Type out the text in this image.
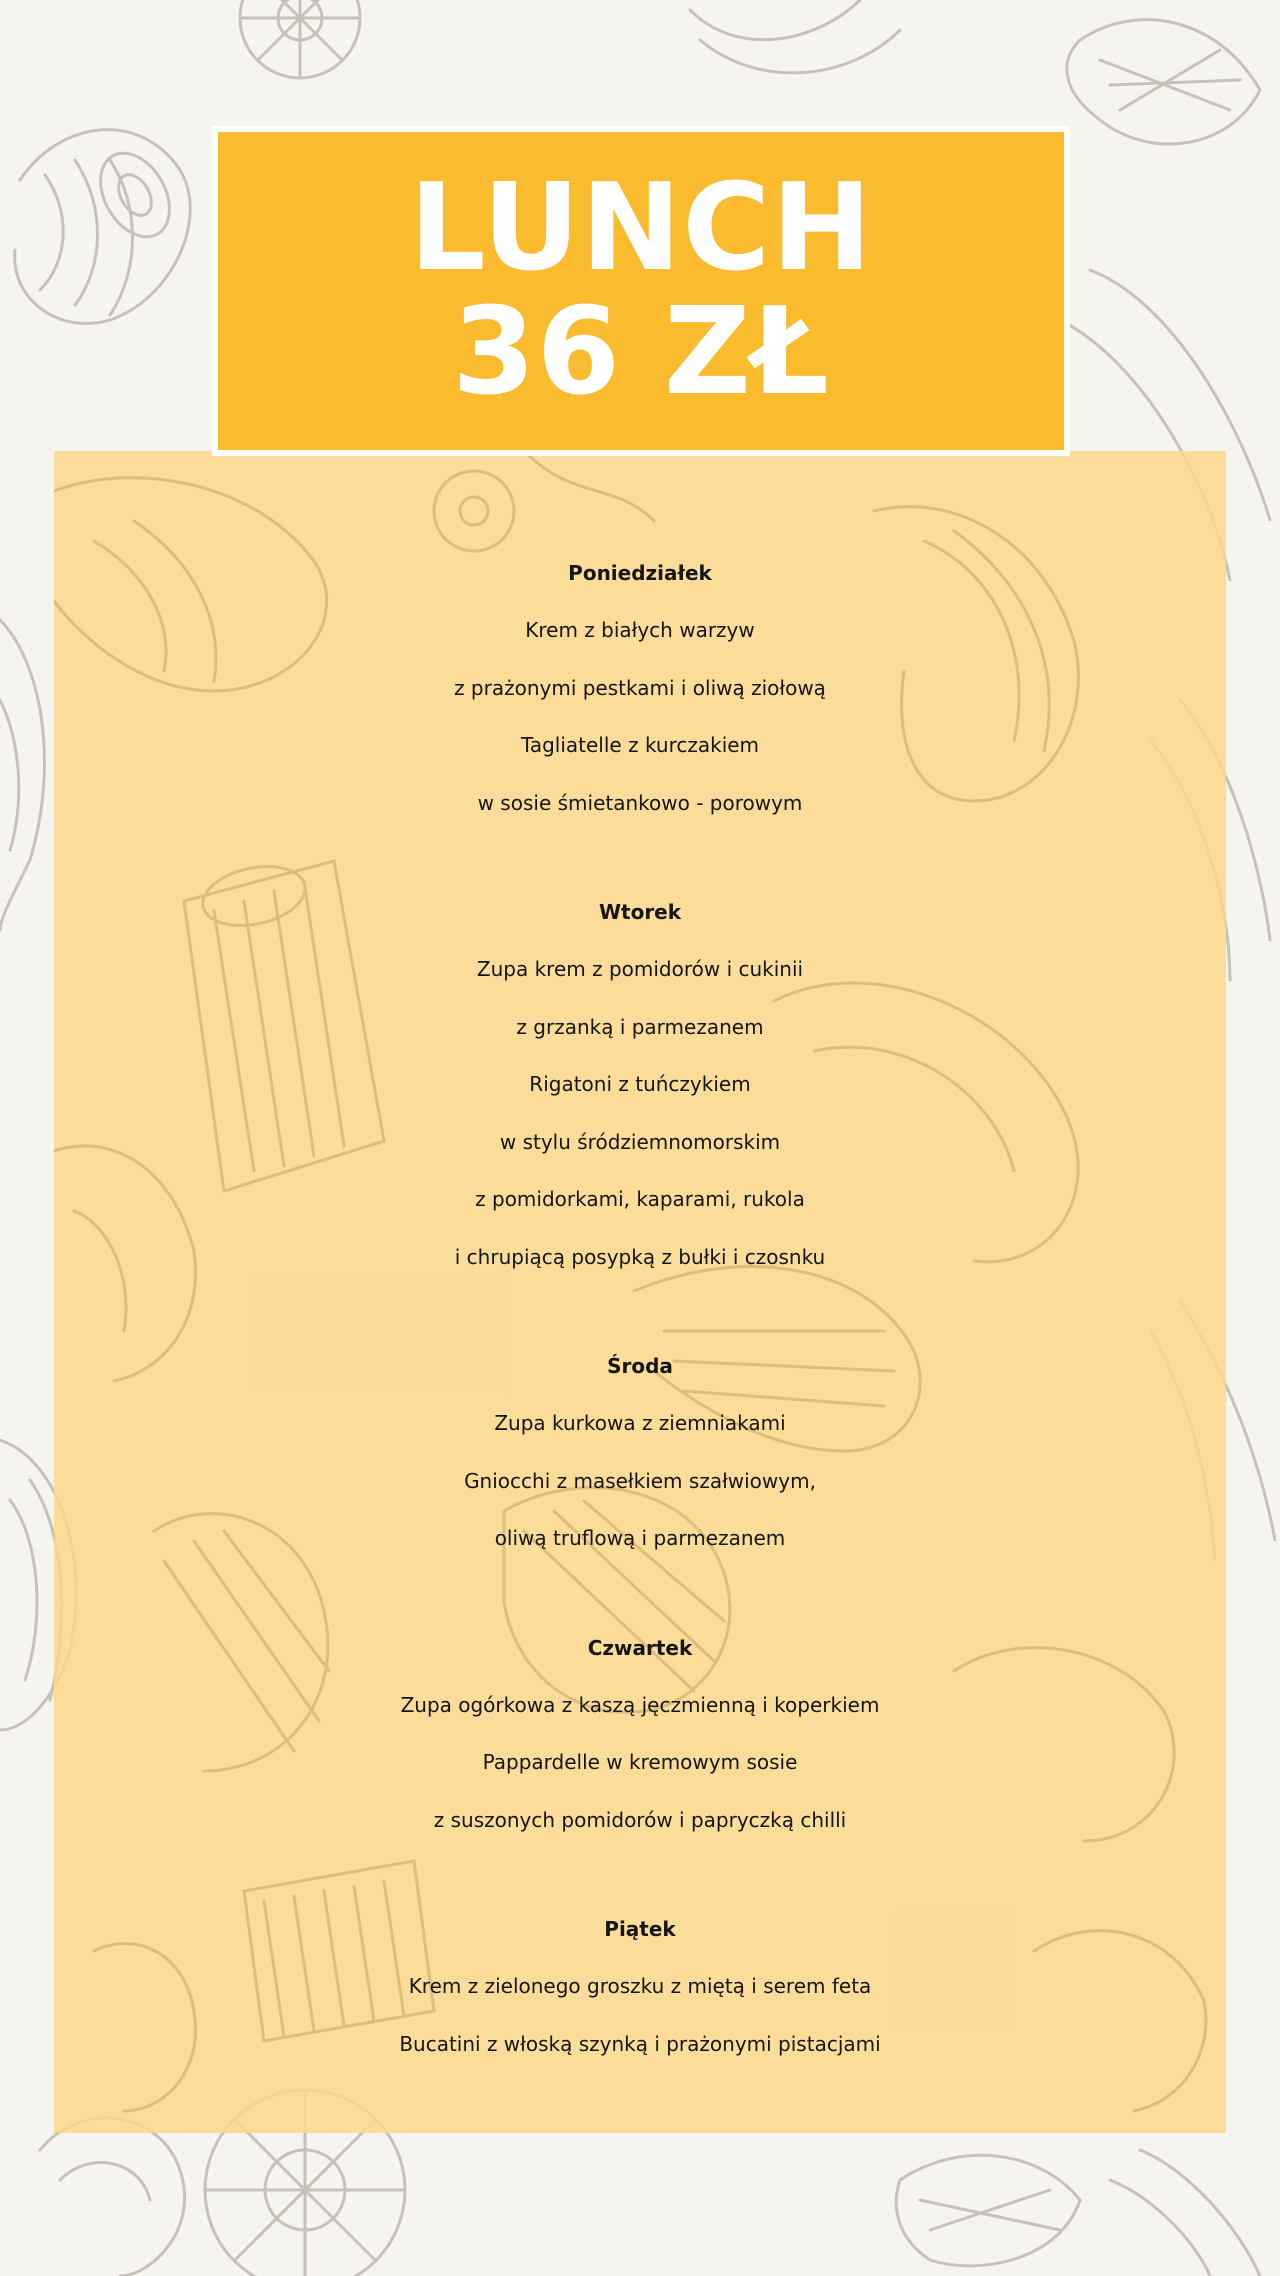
LUNCH
36 ZŁ
Poniedziałek
Krem z białych warzyw
z prażonymi pestkami i oliwą ziołową
Tagliatelle z kurczakiem
w sosie śmietankowo - porowym
Wtorek
Zupa krem z pomidorów i cukinii
z grzanką i parmezanem
Rigatoni z tuńczykiem
w stylu śródziemnomorskim
z pomidorkami, kaparami, rukola
i chrupiącą posypką z bułki i czosnku
Środa
Zupa kurkowa z ziemniakami
Gniocchi z masełkiem szałwiowym,
oliwą truflową i parmezanem
Czwartek
Zupa ogórkowa z kaszą jęczmienną i koperkiem
Pappardelle w kremowym sosie
z suszonych pomidorów i papryczką chilli
Piątek
Krem z zielonego groszku z miętą i serem feta
Bucatini z włoską szynką i prażonymi pistacjami
